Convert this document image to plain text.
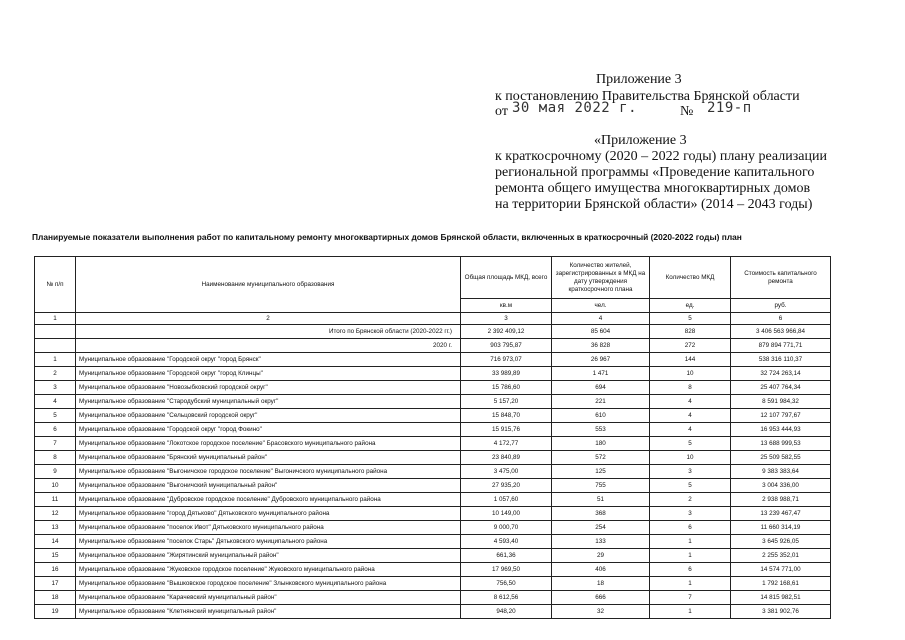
Приложение 3
к постановлению Правительства Брянской области
от 30 мая 2022 г.	№ 219-п
«Приложение 3
к краткосрочному (2020 – 2022 годы) плану реализации
региональной программы «Проведение капитального
ремонта общего имущества многоквартирных домов
на территории Брянской области» (2014 – 2043 годы)
Планируемые показатели выполнения работ по капитальному ремонту многоквартирных домов Брянской области, включенных в краткосрочный (2020-2022 годы) план
№ п/п	Наименование муниципального образования	Общая площадь МКД, всего	Количество жителей, зарегистрированных в МКД на дату утверждения краткосрочного плана	Количество МКД	Стоимость капитального ремонта
		кв.м	чел.	ед.	руб.
1	2	3	4	5	6
	Итого по Брянской области (2020-2022 гг.)	2 392 409,12	85 604	828	3 406 563 966,84
	2020 г.	903 795,87	36 828	272	879 894 771,71
1	Муниципальное образование "Городской округ "город Брянск"	716 973,07	26 967	144	538 316 110,37
2	Муниципальное образование "Городской округ "город Клинцы"	33 989,89	1 471	10	32 724 263,14
3	Муниципальное образование "Новозыбковский городской округ"	15 786,60	694	8	25 407 764,34
4	Муниципальное образование "Стародубский муниципальный округ"	5 157,20	221	4	8 591 984,32
5	Муниципальное образование "Сельцовский городской округ"	15 848,70	610	4	12 107 797,67
6	Муниципальное образование "Городской округ "город Фокино"	15 915,76	553	4	16 953 444,93
7	Муниципальное образование "Локотское городское поселение" Брасовского муниципального района	4 172,77	180	5	13 688 999,53
8	Муниципальное образование "Брянский муниципальный район"	23 840,89	572	10	25 509 582,55
9	Муниципальное образование "Выгоничское городское поселение" Выгоничского муниципального района	3 475,00	125	3	9 383 383,64
10	Муниципальное образование "Выгоничский муниципальный район"	27 935,20	755	5	3 004 336,00
11	Муниципальное образование "Дубровское городское поселение" Дубровского муниципального района	1 057,60	51	2	2 938 988,71
12	Муниципальное образование "город Дятьково" Дятьковского муниципального района	10 149,00	368	3	13 239 467,47
13	Муниципальное образование "поселок Ивот" Дятьковского муниципального района	9 000,70	254	6	11 660 314,19
14	Муниципальное образование "поселок Старь" Дятьковского муниципального района	4 593,40	133	1	3 645 926,05
15	Муниципальное образование "Жирятинский муниципальный район"	661,36	29	1	2 255 352,01
16	Муниципальное образование "Жуковское городское поселение" Жуковского муниципального района	17 969,50	406	6	14 574 771,00
17	Муниципальное образование "Вышковское городское поселение" Злынковского муниципального района	756,50	18	1	1 792 168,61
18	Муниципальное образование "Карачевский муниципальный район"	8 612,56	666	7	14 815 982,51
19	Муниципальное образование "Клетнянский муниципальный район"	948,20	32	1	3 381 902,76
